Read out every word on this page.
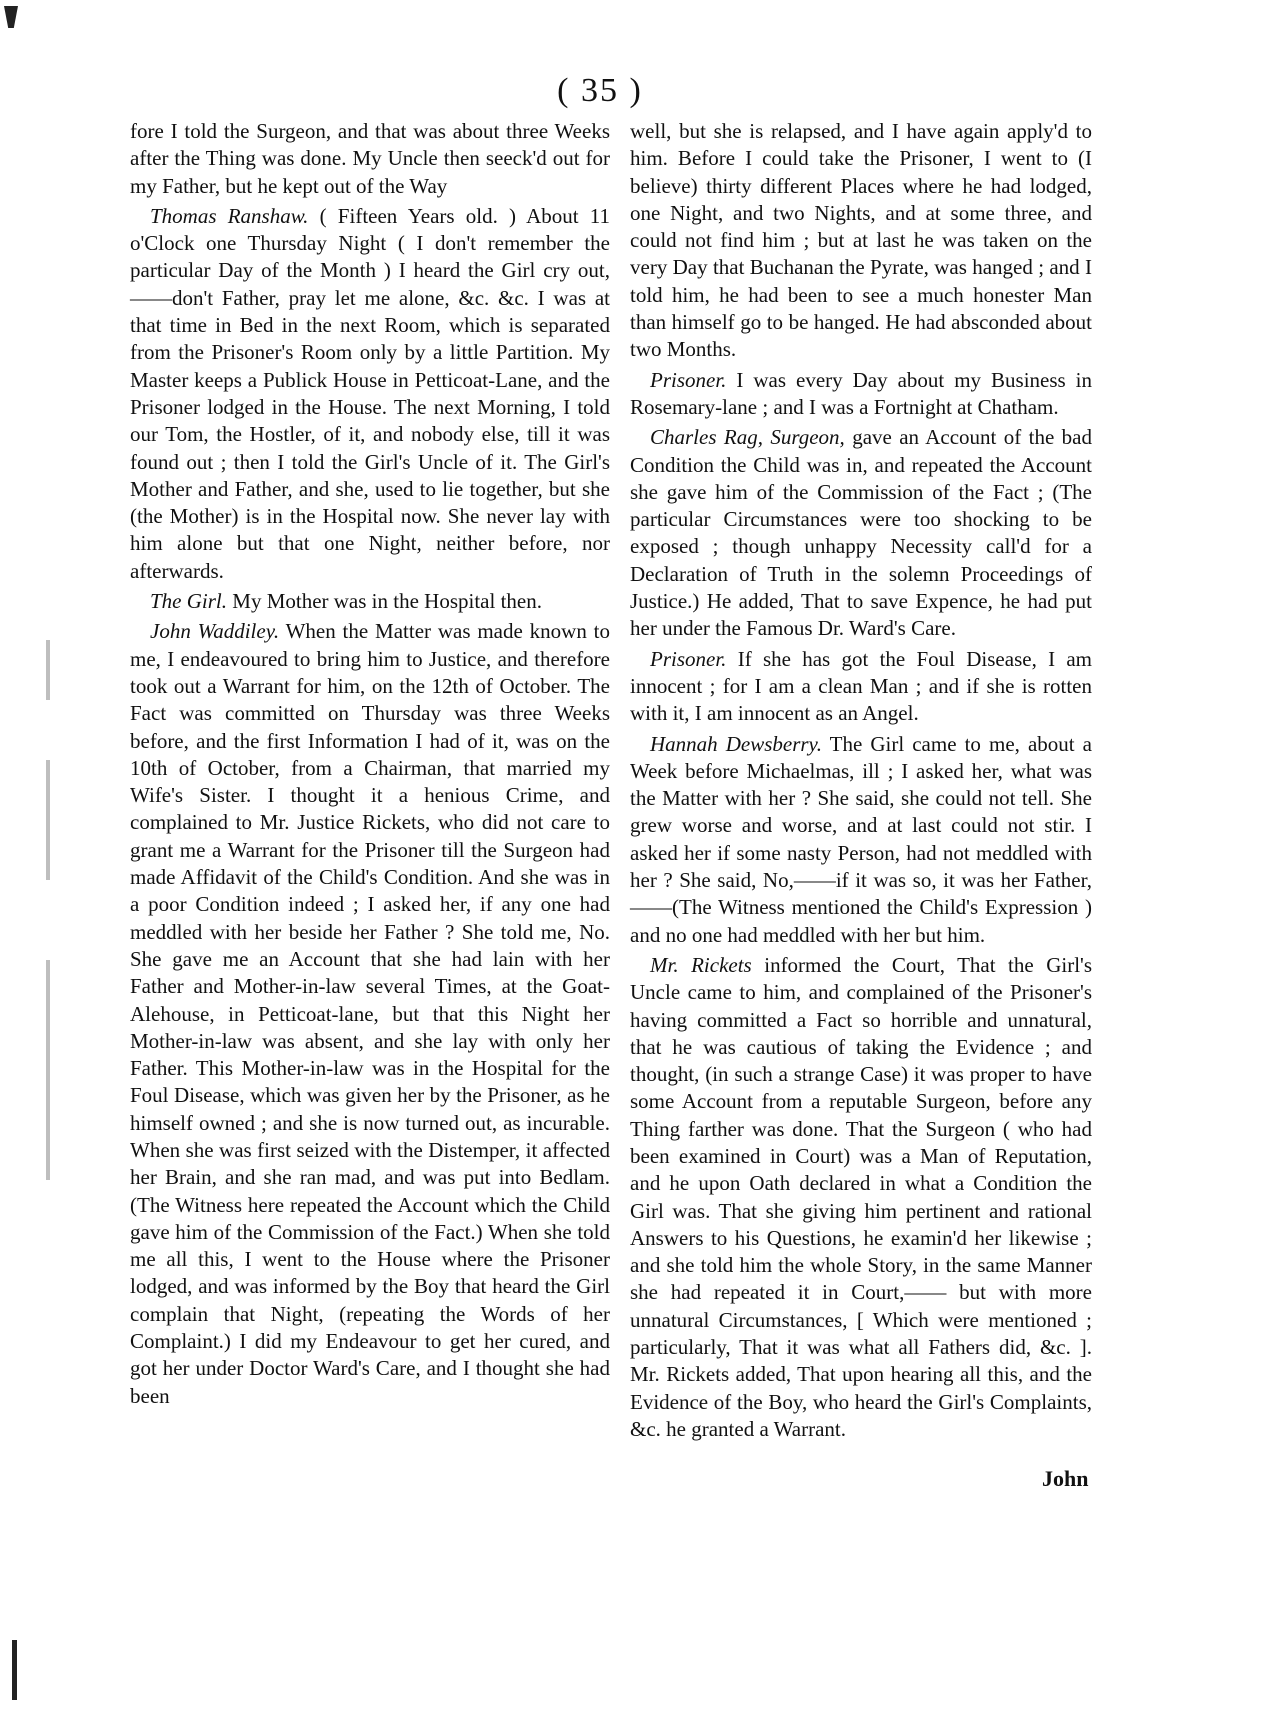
( 35 )

fore I told the Surgeon, and that was about three Weeks after the Thing was done. My Uncle then seeck'd out for my Father, but he kept out of the Way

Thomas Ranshaw. ( Fifteen Years old. ) About 11 o'Clock one Thursday Night ( I don't remember the particular Day of the Month ) I heard the Girl cry out,——don't Father, pray let me alone, &c. &c. I was at that time in Bed in the next Room, which is separated from the Prisoner's Room only by a little Partition. My Master keeps a Publick House in Petticoat-Lane, and the Prisoner lodged in the House. The next Morning, I told our Tom, the Hostler, of it, and nobody else, till it was found out ; then I told the Girl's Uncle of it. The Girl's Mother and Father, and she, used to lie together, but she (the Mother) is in the Hospital now. She never lay with him alone but that one Night, neither before, nor afterwards.

The Girl. My Mother was in the Hospital then.

John Waddiley. When the Matter was made known to me, I endeavoured to bring him to Justice, and therefore took out a Warrant for him, on the 12th of October. The Fact was committed on Thursday was three Weeks before, and the first Information I had of it, was on the 10th of October, from a Chairman, that married my Wife's Sister. I thought it a henious Crime, and complained to Mr. Justice Rickets, who did not care to grant me a Warrant for the Prisoner till the Surgeon had made Affidavit of the Child's Condition. And she was in a poor Condition indeed ; I asked her, if any one had meddled with her beside her Father ? She told me, No. She gave me an Account that she had lain with her Father and Mother-in-law several Times, at the Goat-Alehouse, in Petticoat-lane, but that this Night her Mother-in-law was absent, and she lay with only her Father. This Mother-in-law was in the Hospital for the Foul Disease, which was given her by the Prisoner, as he himself owned ; and she is now turned out, as incurable. When she was first seized with the Distemper, it affected her Brain, and she ran mad, and was put into Bedlam. (The Witness here repeated the Account which the Child gave him of the Commission of the Fact.) When she told me all this, I went to the House where the Prisoner lodged, and was informed by the Boy that heard the Girl complain that Night, (repeating the Words of her Complaint.) I did my Endeavour to get her cured, and got her under Doctor Ward's Care, and I thought she had been

well, but she is relapsed, and I have again apply'd to him. Before I could take the Prisoner, I went to (I believe) thirty different Places where he had lodged, one Night, and two Nights, and at some three, and could not find him ; but at last he was taken on the very Day that Buchanan the Pyrate, was hanged ; and I told him, he had been to see a much honester Man than himself go to be hanged. He had absconded about two Months.

Prisoner. I was every Day about my Business in Rosemary-lane ; and I was a Fortnight at Chatham.

Charles Rag, Surgeon, gave an Account of the bad Condition the Child was in, and repeated the Account she gave him of the Commission of the Fact ; (The particular Circumstances were too shocking to be exposed ; though unhappy Necessity call'd for a Declaration of Truth in the solemn Proceedings of Justice.) He added, That to save Expence, he had put her under the Famous Dr. Ward's Care.

Prisoner. If she has got the Foul Disease, I am innocent ; for I am a clean Man ; and if she is rotten with it, I am innocent as an Angel.

Hannah Dewsberry. The Girl came to me, about a Week before Michaelmas, ill ; I asked her, what was the Matter with her ? She said, she could not tell. She grew worse and worse, and at last could not stir. I asked her if some nasty Person, had not meddled with her ? She said, No,——if it was so, it was her Father,——(The Witness mentioned the Child's Expression ) and no one had meddled with her but him.

Mr. Rickets informed the Court, That the Girl's Uncle came to him, and complained of the Prisoner's having committed a Fact so horrible and unnatural, that he was cautious of taking the Evidence ; and thought, (in such a strange Case) it was proper to have some Account from a reputable Surgeon, before any Thing farther was done. That the Surgeon ( who had been examined in Court) was a Man of Reputation, and he upon Oath declared in what a Condition the Girl was. That she giving him pertinent and rational Answers to his Questions, he examin'd her likewise ; and she told him the whole Story, in the same Manner she had repeated it in Court,—— but with more unnatural Circumstances, [ Which were mentioned ; particularly, That it was what all Fathers did, &c. ]. Mr. Rickets added, That upon hearing all this, and the Evidence of the Boy, who heard the Girl's Complaints, &c. he granted a Warrant.

John
